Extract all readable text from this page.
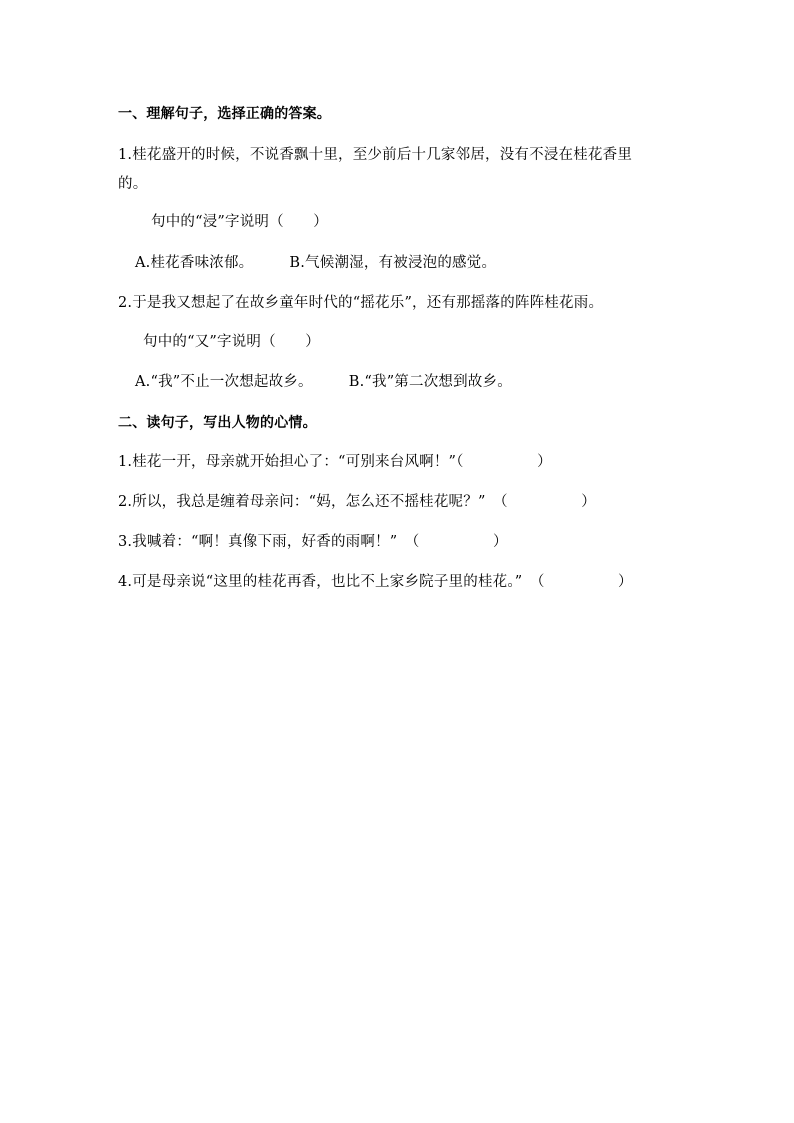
一、理解句子，选择正确的答案。
1.桂花盛开的时候，不说香飘十里，至少前后十几家邻居，没有不浸在桂花香里
的。
句中的“浸”字说明（　　）
A.桂花香味浓郁。 B.气候潮湿，有被浸泡的感觉。
2.于是我又想起了在故乡童年时代的“摇花乐”，还有那摇落的阵阵桂花雨。
句中的“又”字说明（　　）
A.“我”不止一次想起故乡。 B.“我”第二次想到故乡。
二、读句子，写出人物的心情。
1.桂花一开，母亲就开始担心了：“可别来台风啊！”（　　　　　）
2.所以，我总是缠着母亲问：“妈，怎么还不摇桂花呢？”　（　　　　　）
3.我喊着：“啊！真像下雨，好香的雨啊！”　（　　　　　）
4.可是母亲说“这里的桂花再香，也比不上家乡院子里的桂花。”　（　　　　　）
